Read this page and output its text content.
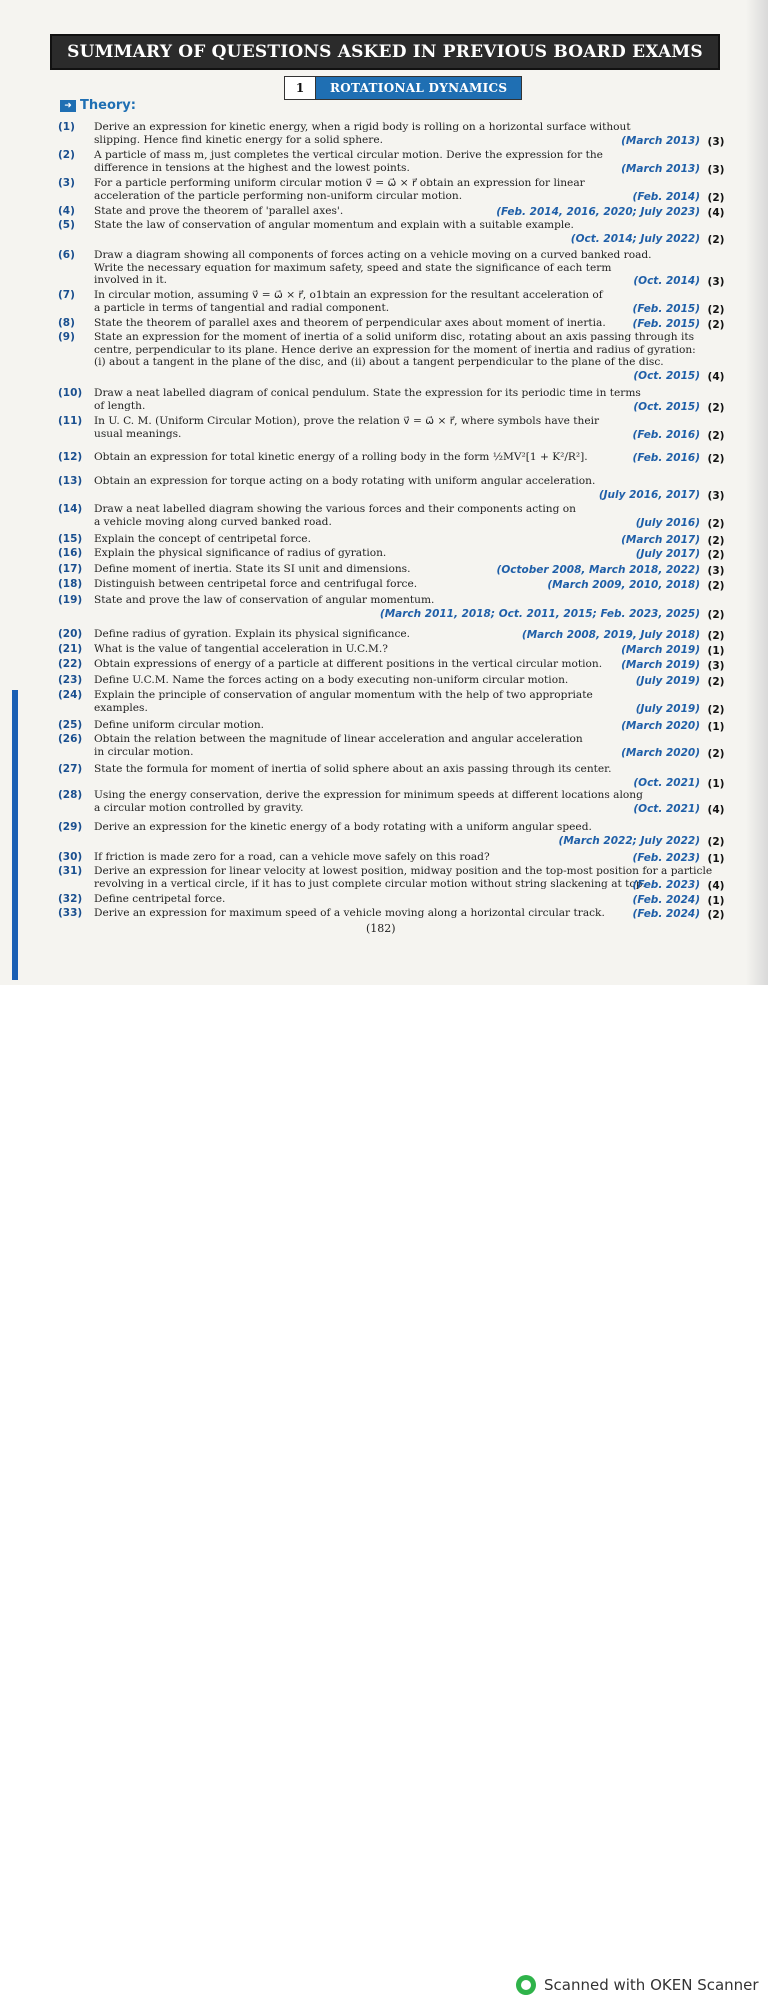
SUMMARY OF QUESTIONS ASKED IN PREVIOUS BOARD EXAMS
1	ROTATIONAL DYNAMICS
➜ Theory:
(1)	Derive an expression for kinetic energy, when a rigid body is rolling on a horizontal surface without
slipping. Hence find kinetic energy for a solid sphere.	(March 2013) (3)
(2)	A particle of mass m, just completes the vertical circular motion. Derive the expression for the
difference in tensions at the highest and the lowest points.	(March 2013) (3)
(3)	For a particle performing uniform circular motion v⃗ = ω⃗ × r⃗ obtain an expression for linear
acceleration of the particle performing non-uniform circular motion.	(Feb. 2014) (2)
(4)	State and prove the theorem of 'parallel axes'.	(Feb. 2014, 2016, 2020; July 2023) (4)
(5)	State the law of conservation of angular momentum and explain with a suitable example.
(Oct. 2014; July 2022) (2)
(6)	Draw a diagram showing all components of forces acting on a vehicle moving on a curved banked road.
Write the necessary equation for maximum safety, speed and state the significance of each term
involved in it.	(Oct. 2014) (3)
(7)	In circular motion, assuming v⃗ = ω⃗ × r⃗, o1btain an expression for the resultant acceleration of
a particle in terms of tangential and radial component.	(Feb. 2015) (2)
(8)	State the theorem of parallel axes and theorem of perpendicular axes about moment of inertia.	(Feb. 2015) (2)
(9)	State an expression for the moment of inertia of a solid uniform disc, rotating about an axis passing through its
centre, perpendicular to its plane. Hence derive an expression for the moment of inertia and radius of gyration:
(i) about a tangent in the plane of the disc, and (ii) about a tangent perpendicular to the plane of the disc.
(Oct. 2015) (4)
(10)	Draw a neat labelled diagram of conical pendulum. State the expression for its periodic time in terms
of length.	(Oct. 2015) (2)
(11)	In U. C. M. (Uniform Circular Motion), prove the relation v⃗ = ω⃗ × r⃗, where symbols have their
usual meanings.	(Feb. 2016) (2)
(12)	Obtain an expression for total kinetic energy of a rolling body in the form ½MV²[1 + K²/R²].	(Feb. 2016) (2)
(13)	Obtain an expression for torque acting on a body rotating with uniform angular acceleration.
(July 2016, 2017) (3)
(14)	Draw a neat labelled diagram showing the various forces and their components acting on
a vehicle moving along curved banked road.	(July 2016) (2)
(15)	Explain the concept of centripetal force.	(March 2017) (2)
(16)	Explain the physical significance of radius of gyration.	(July 2017) (2)
(17)	Define moment of inertia. State its SI unit and dimensions.	(October 2008, March 2018, 2022) (3)
(18)	Distinguish between centripetal force and centrifugal force.	(March 2009, 2010, 2018) (2)
(19)	State and prove the law of conservation of angular momentum.
(March 2011, 2018; Oct. 2011, 2015; Feb. 2023, 2025) (2)
(20)	Define radius of gyration. Explain its physical significance.	(March 2008, 2019, July 2018) (2)
(21)	What is the value of tangential acceleration in U.C.M.?	(March 2019) (1)
(22)	Obtain expressions of energy of a particle at different positions in the vertical circular motion.	(March 2019) (3)
(23)	Define U.C.M. Name the forces acting on a body executing non-uniform circular motion.	(July 2019) (2)
(24)	Explain the principle of conservation of angular momentum with the help of two appropriate
examples.	(July 2019) (2)
(25)	Define uniform circular motion.	(March 2020) (1)
(26)	Obtain the relation between the magnitude of linear acceleration and angular acceleration
in circular motion.	(March 2020) (2)
(27)	State the formula for moment of inertia of solid sphere about an axis passing through its center.
(Oct. 2021) (1)
(28)	Using the energy conservation, derive the expression for minimum speeds at different locations along
a circular motion controlled by gravity.	(Oct. 2021) (4)
(29)	Derive an expression for the kinetic energy of a body rotating with a uniform angular speed.
(March 2022; July 2022) (2)
(30)	If friction is made zero for a road, can a vehicle move safely on this road?	(Feb. 2023) (1)
(31)	Derive an expression for linear velocity at lowest position, midway position and the top-most position for a particle
revolving in a vertical circle, if it has to just complete circular motion without string slackening at top.
(Feb. 2023) (4)
(32)	Define centripetal force.	(Feb. 2024) (1)
(33)	Derive an expression for maximum speed of a vehicle moving along a horizontal circular track.	(Feb. 2024) (2)
(182)
Scanned with OKEN Scanner
